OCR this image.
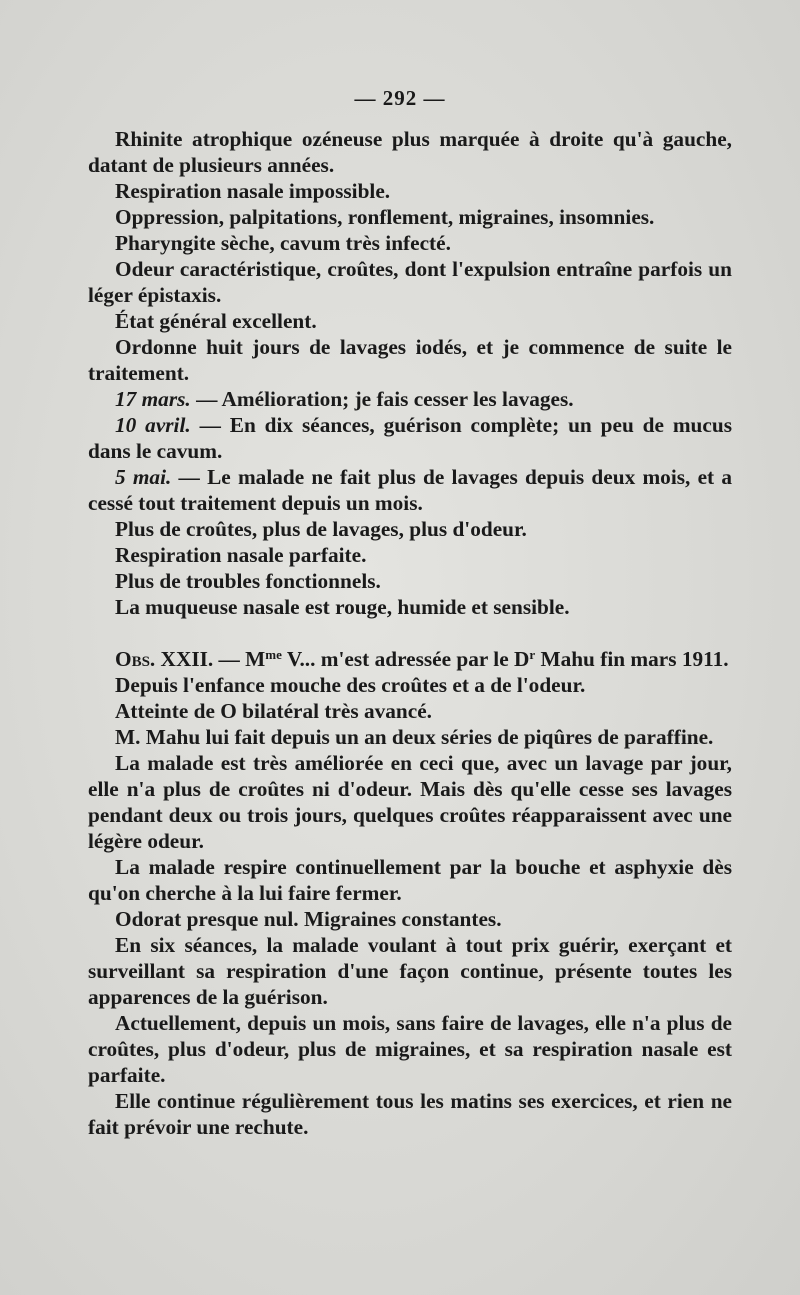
— 292 —

Rhinite atrophique ozéneuse plus marquée à droite qu'à gauche, datant de plusieurs années.

Respiration nasale impossible.

Oppression, palpitations, ronflement, migraines, insomnies.

Pharyngite sèche, cavum très infecté.

Odeur caractéristique, croûtes, dont l'expulsion entraîne parfois un léger épistaxis.

État général excellent.

Ordonne huit jours de lavages iodés, et je commence de suite le traitement.

17 mars. — Amélioration; je fais cesser les lavages.

10 avril. — En dix séances, guérison complète; un peu de mucus dans le cavum.

5 mai. — Le malade ne fait plus de lavages depuis deux mois, et a cessé tout traitement depuis un mois.

Plus de croûtes, plus de lavages, plus d'odeur.

Respiration nasale parfaite.

Plus de troubles fonctionnels.

La muqueuse nasale est rouge, humide et sensible.

Obs. XXII. — $M^{me}$ V... m'est adressée par le $D^r$ Mahu fin mars 1911.

Depuis l'enfance mouche des croûtes et a de l'odeur.

Atteinte de O bilatéral très avancé.

M. Mahu lui fait depuis un an deux séries de piqûres de paraffine.

La malade est très améliorée en ceci que, avec un lavage par jour, elle n'a plus de croûtes ni d'odeur. Mais dès qu'elle cesse ses lavages pendant deux ou trois jours, quelques croûtes réapparaissent avec une légère odeur.

La malade respire continuellement par la bouche et asphyxie dès qu'on cherche à la lui faire fermer.

Odorat presque nul. Migraines constantes.

En six séances, la malade voulant à tout prix guérir, exerçant et surveillant sa respiration d'une façon continue, présente toutes les apparences de la guérison.

Actuellement, depuis un mois, sans faire de lavages, elle n'a plus de croûtes, plus d'odeur, plus de migraines, et sa respiration nasale est parfaite.

Elle continue régulièrement tous les matins ses exercices, et rien ne fait prévoir une rechute.
